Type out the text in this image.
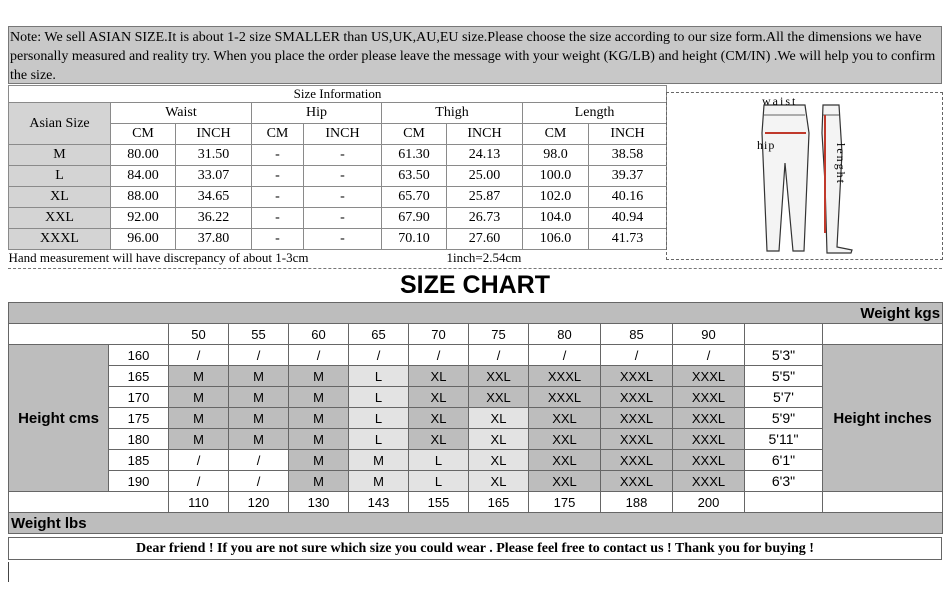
Note: We sell ASIAN SIZE.It is about 1-2 size SMALLER than US,UK,AU,EU size.Please choose the size according to our size form.All the dimensions we have personally measured and reality try. When you place the order please leave the message with your weight (KG/LB) and height (CM/IN) .We will help you to confirm the size.
Size Information								
Asian Size	Waist		Hip		Thigh		Length	
	CM	INCH	CM	INCH	CM	INCH	CM	INCH
M	80.00	31.50	-	-	61.30	24.13	98.0	38.58
L	84.00	33.07	-	-	63.50	25.00	100.0	39.37
XL	88.00	34.65	-	-	65.70	25.87	102.0	40.16
XXL	92.00	36.22	-	-	67.90	26.73	104.0	40.94
XXXL	96.00	37.80	-	-	70.10	27.60	106.0	41.73
Hand measurement will have discrepancy of about 1-3cm						1inch=2.54cm		
waist
hip	lenght
SIZE CHART
Weight kgs												
		50	55	60	65	70	75	80	85	90		
Height cms	160	/	/	/	/	/	/	/	/	/	5'3"	Height inches
	165	M	M	M	L	XL	XXL	XXXL	XXXL	XXXL	5'5"	
	170	M	M	M	L	XL	XXL	XXXL	XXXL	XXXL	5'7'	
	175	M	M	M	L	XL	XL	XXL	XXXL	XXXL	5'9"	
	180	M	M	M	L	XL	XL	XXL	XXXL	XXXL	5'11"	
	185	/	/	M	M	L	XL	XXL	XXXL	XXXL	6'1"	
	190	/	/	M	M	L	XL	XXL	XXXL	XXXL	6'3"	
		110	120	130	143	155	165	175	188	200		
Weight lbs												
Dear friend ! If you are not sure which size you could wear . Please feel free to contact us ! Thank you for buying !
